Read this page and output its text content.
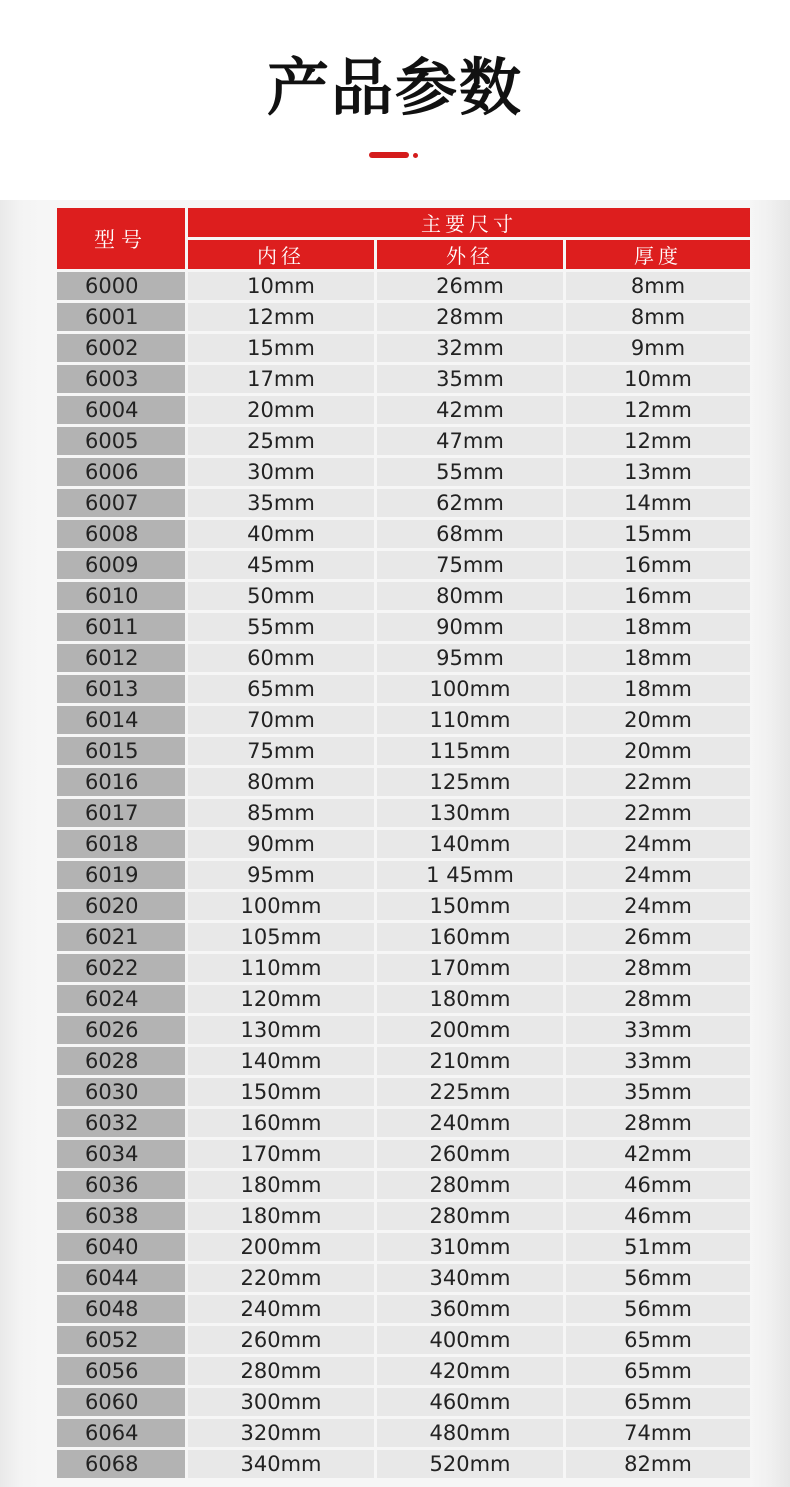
产品参数
型号	主要尺寸		
	内径	外径	厚度
6000	10mm	26mm	8mm
6001	12mm	28mm	8mm
6002	15mm	32mm	9mm
6003	17mm	35mm	10mm
6004	20mm	42mm	12mm
6005	25mm	47mm	12mm
6006	30mm	55mm	13mm
6007	35mm	62mm	14mm
6008	40mm	68mm	15mm
6009	45mm	75mm	16mm
6010	50mm	80mm	16mm
6011	55mm	90mm	18mm
6012	60mm	95mm	18mm
6013	65mm	100mm	18mm
6014	70mm	110mm	20mm
6015	75mm	115mm	20mm
6016	80mm	125mm	22mm
6017	85mm	130mm	22mm
6018	90mm	140mm	24mm
6019	95mm	1 45mm	24mm
6020	100mm	150mm	24mm
6021	105mm	160mm	26mm
6022	110mm	170mm	28mm
6024	120mm	180mm	28mm
6026	130mm	200mm	33mm
6028	140mm	210mm	33mm
6030	150mm	225mm	35mm
6032	160mm	240mm	28mm
6034	170mm	260mm	42mm
6036	180mm	280mm	46mm
6038	180mm	280mm	46mm
6040	200mm	310mm	51mm
6044	220mm	340mm	56mm
6048	240mm	360mm	56mm
6052	260mm	400mm	65mm
6056	280mm	420mm	65mm
6060	300mm	460mm	65mm
6064	320mm	480mm	74mm
6068	340mm	520mm	82mm
